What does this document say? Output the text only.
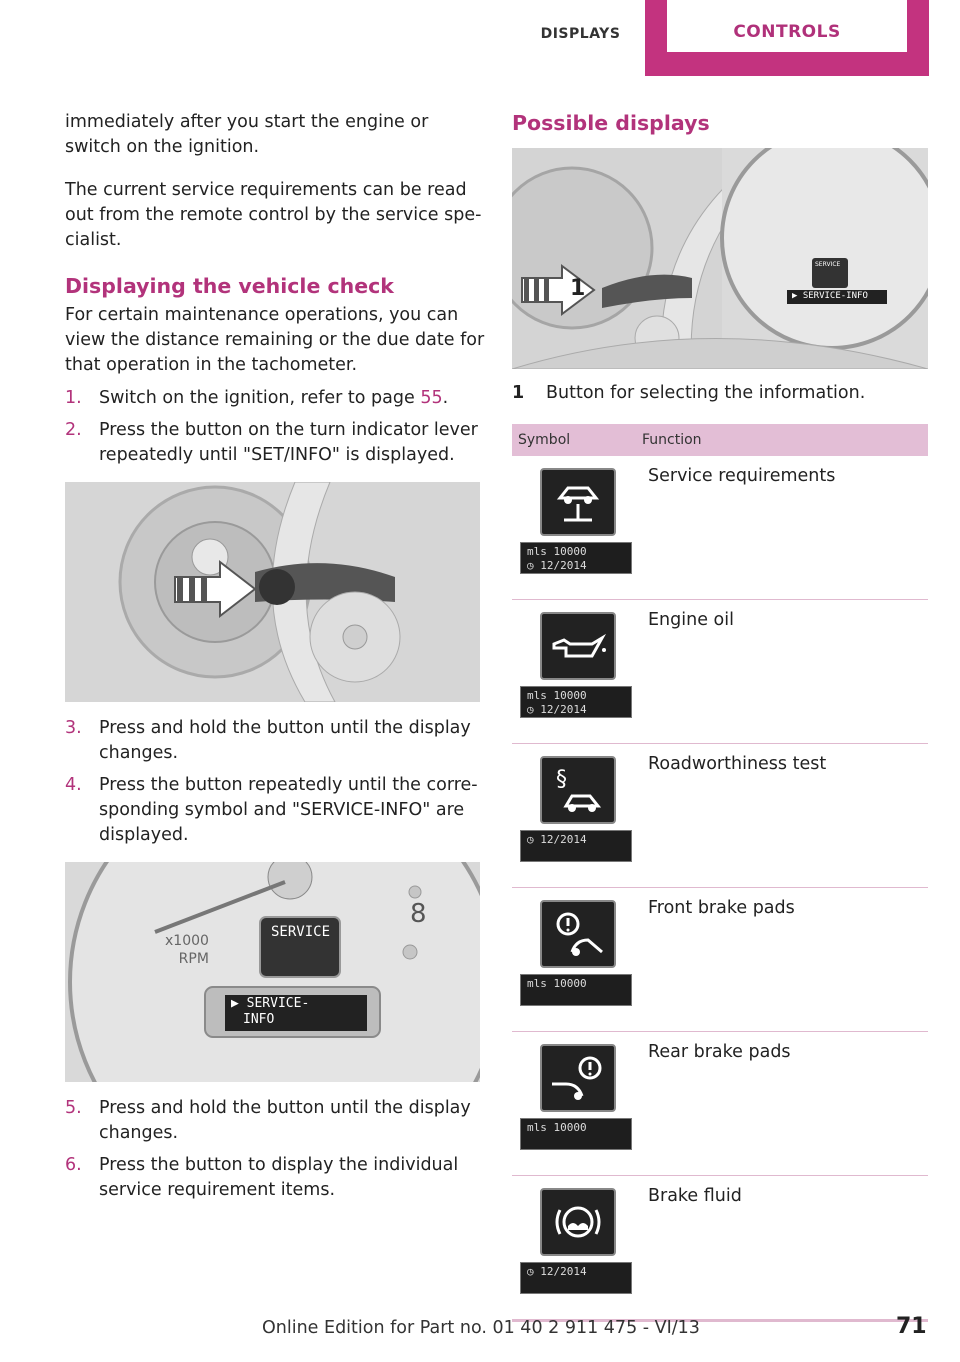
DISPLAYS	CONTROLS

immediately after you start the engine or switch on the ignition.

The current service requirements can be read out from the remote control by the service spe-cialist.

Displaying the vehicle check

For certain maintenance operations, you can view the distance remaining or the due date for that operation in the tachometer.

1. Switch on the ignition, refer to page 55.
2. Press the button on the turn indicator lever repeatedly until "SET/INFO" is displayed.
3. Press and hold the button until the display changes.
4. Press the button repeatedly until the corre-sponding symbol and "SERVICE-INFO" are displayed.
8
SERVICE
▶ SERVICE-
INFO
x1000
RPM
5. Press and hold the button until the display changes.
6. Press the button to display the individual service requirement items.
Possible displays
SERVICE
▶ SERVICE-INFO
1
1 Button for selecting the information.
Symbol	Function

mls 10000
◷ 12/2014	Service requirements

mls 10000
◷ 12/2014	Engine oil

§
◷ 12/2014	Roadworthiness test

mls 10000	Front brake pads

mls 10000	Rear brake pads

◷ 12/2014	Brake fluid
Online Edition for Part no. 01 40 2 911 475 - VI/13	71
